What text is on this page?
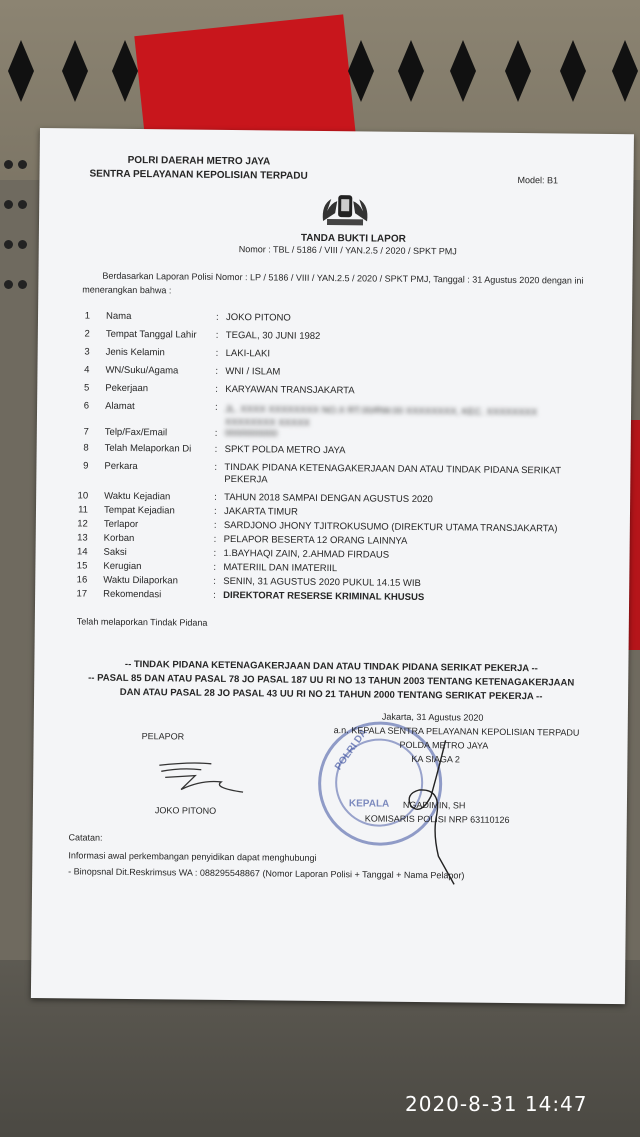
POLRI DAERAH METRO JAYA
SENTRA PELAYANAN KEPOLISIAN TERPADU	Model: B1
TANDA BUKTI LAPOR
Nomor : TBL / 5186 / VIII / YAN.2.5 / 2020 / SPKT PMJ
Berdasarkan Laporan Polisi Nomor : LP / 5186 / VIII / YAN.2.5 / 2020 / SPKT PMJ, Tanggal : 31 Agustus 2020 dengan ini
menerangkan bahwa :
1 Nama	: JOKO PITONO
2 Tempat Tanggal Lahir : TEGAL, 30 JUNI 1982
3 Jenis Kelamin	: LAKI-LAKI
4 WN/Suku/Agama	: WNI / ISLAM
5 Pekerjaan	: KARYAWAN TRANSJAKARTA
6 Alamat	: JL. XXXX XXXXXXXX NO.X RT.00/RW.00 XXXXXXXX, KEC. XXXXXXXX
XXXXXXXX XXXXX
7 Telp/Fax/Email	: 0000000000
8 Telah Melaporkan Di : SPKT POLDA METRO JAYA
9 Perkara	: TINDAK PIDANA KETENAGAKERJAAN DAN ATAU TINDAK PIDANA SERIKAT
PEKERJA
10 Waktu Kejadian	: TAHUN 2018 SAMPAI DENGAN AGUSTUS 2020
11 Tempat Kejadian	: JAKARTA TIMUR
12 Terlapor	: SARDJONO JHONY TJITROKUSUMO (DIREKTUR UTAMA TRANSJAKARTA)
13 Korban	: PELAPOR BESERTA 12 ORANG LAINNYA
14 Saksi	: 1.BAYHAQI ZAIN, 2.AHMAD FIRDAUS
15 Kerugian	: MATERIIL DAN IMATERIIL
16 Waktu Dilaporkan	: SENIN, 31 AGUSTUS 2020 PUKUL 14.15 WIB
17 Rekomendasi	: DIREKTORAT RESERSE KRIMINAL KHUSUS
Telah melaporkan Tindak Pidana
-- TINDAK PIDANA KETENAGAKERJAAN DAN ATAU TINDAK PIDANA SERIKAT PEKERJA --
-- PASAL 85 DAN ATAU PASAL 78 JO PASAL 187 UU RI NO 13 TAHUN 2003 TENTANG KETENAGAKERJAAN
DAN ATAU PASAL 28 JO PASAL 43 UU RI NO 21 TAHUN 2000 TENTANG SERIKAT PEKERJA --
POLRI DA
KEPALA
Jakarta, 31 Agustus 2020
a.n. KEPALA SENTRA PELAYANAN KEPOLISIAN TERPADU
POLDA METRO JAYA
KA SIAGA 2
PELAPOR
JOKO PITONO
NGADIMIN, SH
KOMISARIS POLISI NRP 63110126
Catatan:
Informasi awal perkembangan penyidikan dapat menghubungi
- Binopsnal Dit.Reskrimsus WA : 088295548867 (Nomor Laporan Polisi + Tanggal + Nama Pelapor)
2020-8-31 14:47
